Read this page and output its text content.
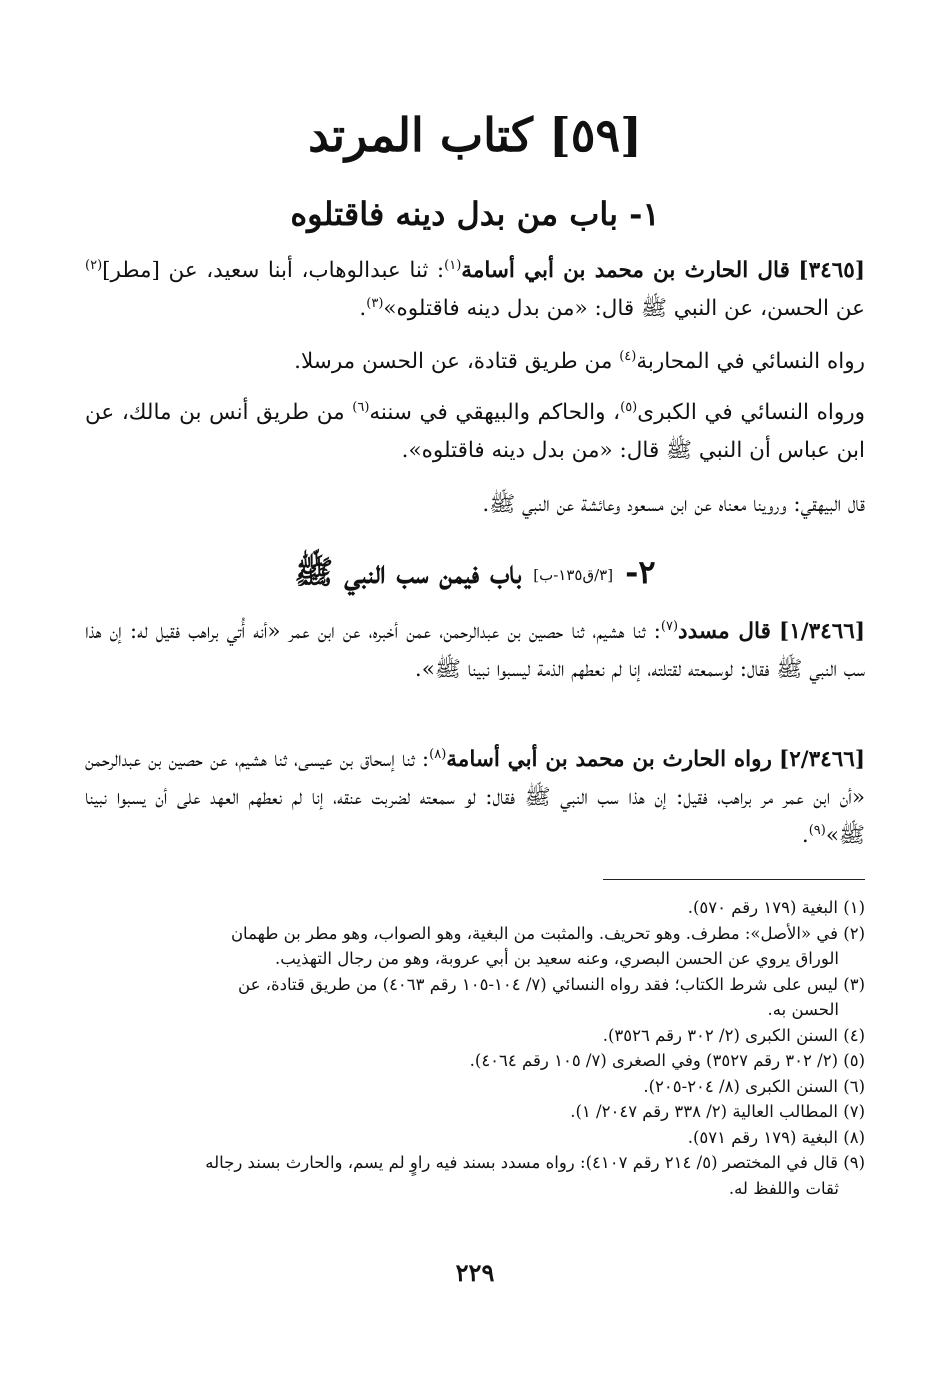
[٥٩] كتاب المرتد
١- باب من بدل دينه فاقتلوه
[٣٤٦٥] قال الحارث بن محمد بن أبي أسامة$^{(١)}$: ثنا عبدالوهاب، أبنا سعيد، عن [مطر]$^{(٢)}$ عن الحسن، عن النبي ﷺ قال: «من بدل دينه فاقتلوه»$^{(٣)}$.
رواه النسائي في المحاربة$^{(٤)}$ من طريق قتادة، عن الحسن مرسلا.
ورواه النسائي في الكبرى$^{(٥)}$، والحاكم والبيهقي في سننه$^{(٦)}$ من طريق أنس بن مالك، عن ابن عباس أن النبي ﷺ قال: «من بدل دينه فاقتلوه».
قال البيهقي: وروينا معناه عن ابن مسعود وعائشة عن النبي ﷺ.
٢-[٣/ق١٣٥-ب]باب فيمن سب النبي ﷺ
[١/٣٤٦٦] قال مسدد$^{(٧)}$: ثنا هشيم، ثنا حصين بن عبدالرحمن، عمن أخبره، عن ابن عمر «أنه أُتي براهب فقيل له: إن هذا سب النبي ﷺ فقال: لوسمعته لقتلته، إنا لم نعطهم الذمة ليسبوا نبينا ﷺ».
[٢/٣٤٦٦] رواه الحارث بن محمد بن أبي أسامة$^{(٨)}$: ثنا إسحاق بن عيسى، ثنا هشيم، عن حصين بن عبدالرحمن «أن ابن عمر مر براهب، فقيل: إن هذا سب النبي ﷺ فقال: لو سمعته لضربت عنقه، إنا لم نعطهم العهد على أن يسبوا نبينا ﷺ»$^{(٩)}$.
(١) البغية (١٧٩ رقم ٥٧٠).
(٢) في «الأصل»: مطرف. وهو تحريف. والمثبت من البغية، وهو الصواب، وهو مطر بن طهمان
الوراق يروي عن الحسن البصري، وعنه سعيد بن أبي عروبة، وهو من رجال التهذيب.
(٣) ليس على شرط الكتاب؛ فقد رواه النسائي (٧/ ١٠٤-١٠٥ رقم ٤٠٦٣) من طريق قتادة، عن
الحسن به.
(٤) السنن الكبرى (٢/ ٣٠٢ رقم ٣٥٢٦).
(٥) (٢/ ٣٠٢ رقم ٣٥٢٧) وفي الصغرى (٧/ ١٠٥ رقم ٤٠٦٤).
(٦) السنن الكبرى (٨/ ٢٠٤-٢٠٥).
(٧) المطالب العالية (٢/ ٣٣٨ رقم ٢٠٤٧/ ١).
(٨) البغية (١٧٩ رقم ٥٧١).
(٩) قال في المختصر (٥/ ٢١٤ رقم ٤١٠٧): رواه مسدد بسند فيه راوٍ لم يسم، والحارث بسند رجاله
ثقات واللفظ له.
٢٢٩
